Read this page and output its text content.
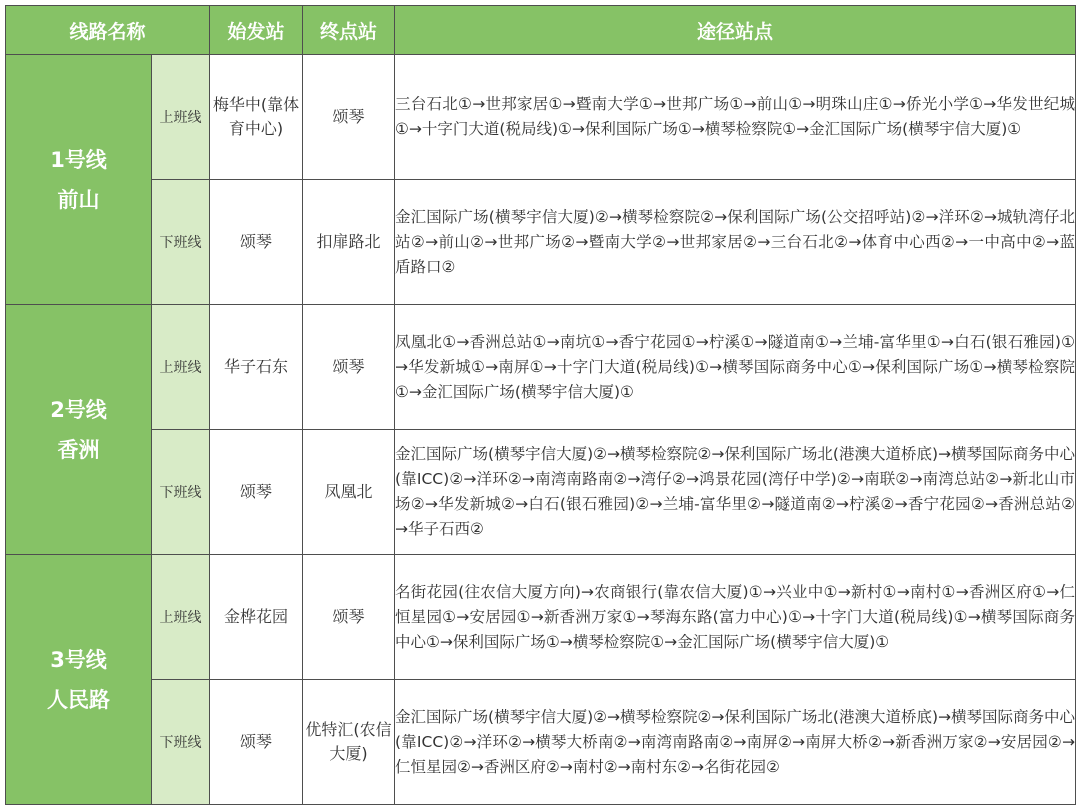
线路名称		始发站	终点站	途径站点

1号线
前山	上班线	梅华中(靠体育中心)	颂琴	三台石北①→世邦家居①→暨南大学①→世邦广场①→前山①→明珠山庄①→侨光小学①→华发世纪城①→十字门大道(税局线)①→保利国际广场①→横琴检察院①→金汇国际广场(横琴宇信大厦)①
	下班线	颂琴	扣扉路北	金汇国际广场(横琴宇信大厦)②→横琴检察院②→保利国际广场(公交招呼站)②→洋环②→城轨湾仔北站②→前山②→世邦广场②→暨南大学②→世邦家居②→三台石北②→体育中心西②→一中高中②→蓝盾路口②

2号线
香洲	上班线	华子石东	颂琴	凤凰北①→香洲总站①→南坑①→香宁花园①→柠溪①→隧道南①→兰埔-富华里①→白石(银石雅园)①→华发新城①→南屏①→十字门大道(税局线)①→横琴国际商务中心①→保利国际广场①→横琴检察院①→金汇国际广场(横琴宇信大厦)①
	下班线	颂琴	凤凰北	金汇国际广场(横琴宇信大厦)②→横琴检察院②→保利国际广场北(港澳大道桥底)→横琴国际商务中心(靠ICC)②→洋环②→南湾南路南②→湾仔②→鸿景花园(湾仔中学)②→南联②→南湾总站②→新北山市场②→华发新城②→白石(银石雅园)②→兰埔-富华里②→隧道南②→柠溪②→香宁花园②→香洲总站②→华子石西②

3号线
人民路	上班线	金桦花园	颂琴	名街花园(往农信大厦方向)→农商银行(靠农信大厦)①→兴业中①→新村①→南村①→香洲区府①→仁恒星园①→安居园①→新香洲万家①→琴海东路(富力中心)①→十字门大道(税局线)①→横琴国际商务中心①→保利国际广场①→横琴检察院①→金汇国际广场(横琴宇信大厦)①
	下班线	颂琴	优特汇(农信大厦)	金汇国际广场(横琴宇信大厦)②→横琴检察院②→保利国际广场北(港澳大道桥底)→横琴国际商务中心(靠ICC)②→洋环②→横琴大桥南②→南湾南路南②→南屏②→南屏大桥②→新香洲万家②→安居园②→仁恒星园②→香洲区府②→南村②→南村东②→名街花园②
